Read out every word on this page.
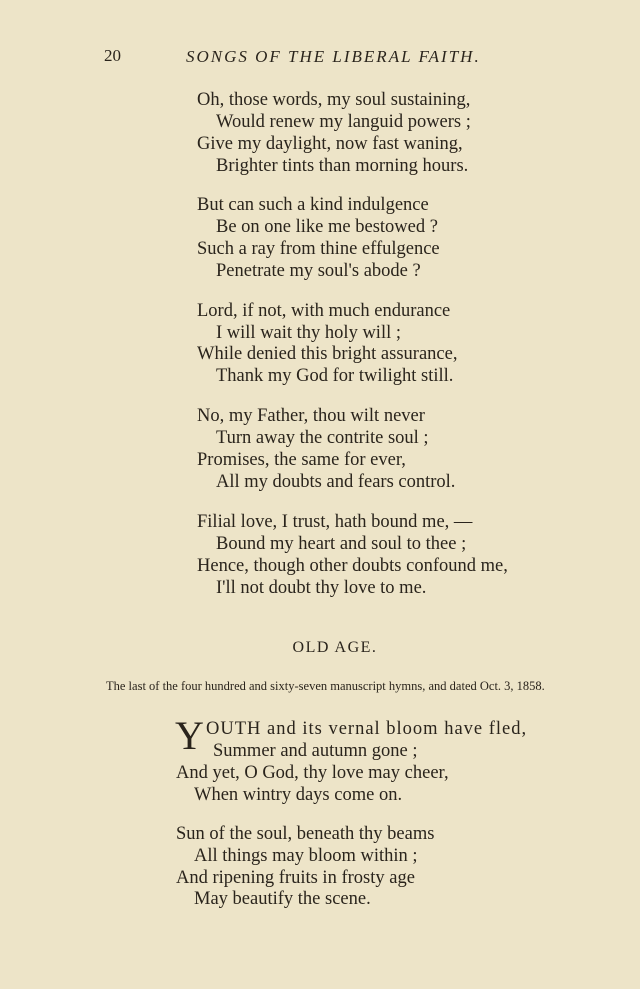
20	SONGS OF THE LIBERAL FAITH.
Oh, those words, my soul sustaining,
Would renew my languid powers ;
Give my daylight, now fast waning,
Brighter tints than morning hours.
But can such a kind indulgence
Be on one like me bestowed ?
Such a ray from thine effulgence
Penetrate my soul's abode ?
Lord, if not, with much endurance
I will wait thy holy will ;
While denied this bright assurance,
Thank my God for twilight still.
No, my Father, thou wilt never
Turn away the contrite soul ;
Promises, the same for ever,
All my doubts and fears control.
Filial love, I trust, hath bound me, —
Bound my heart and soul to thee ;
Hence, though other doubts confound me,
I'll not doubt thy love to me.
OLD AGE.
The last of the four hundred and sixty-seven manuscript hymns, and dated Oct. 3, 1858.
Y OUTH and its vernal bloom have fled,
Summer and autumn gone ;
And yet, O God, thy love may cheer,
When wintry days come on.
Sun of the soul, beneath thy beams
All things may bloom within ;
And ripening fruits in frosty age
May beautify the scene.
